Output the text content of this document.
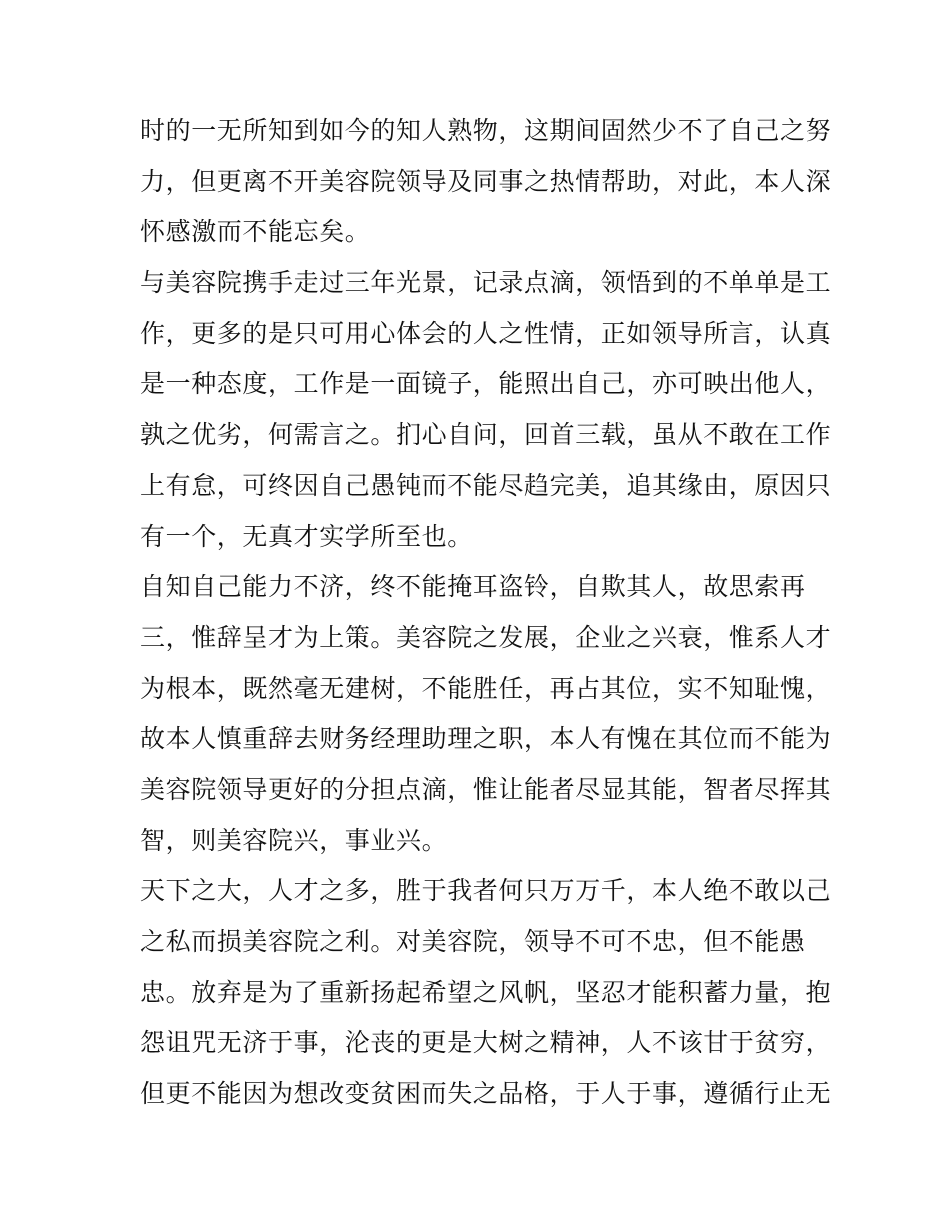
时的一无所知到如今的知人熟物，这期间固然少不了自己之努
力，但更离不开美容院领导及同事之热情帮助，对此，本人深
怀感激而不能忘矣。
与美容院携手走过三年光景，记录点滴，领悟到的不单单是工
作，更多的是只可用心体会的人之性情，正如领导所言，认真
是一种态度，工作是一面镜子，能照出自己，亦可映出他人，
孰之优劣，何需言之。扪心自问，回首三载，虽从不敢在工作
上有怠，可终因自己愚钝而不能尽趋完美，追其缘由，原因只
有一个，无真才实学所至也。
自知自己能力不济，终不能掩耳盗铃，自欺其人，故思索再
三，惟辞呈才为上策。美容院之发展，企业之兴衰，惟系人才
为根本，既然毫无建树，不能胜任，再占其位，实不知耻愧，
故本人慎重辞去财务经理助理之职，本人有愧在其位而不能为
美容院领导更好的分担点滴，惟让能者尽显其能，智者尽挥其
智，则美容院兴，事业兴。
天下之大，人才之多，胜于我者何只万万千，本人绝不敢以己
之私而损美容院之利。对美容院，领导不可不忠，但不能愚
忠。放弃是为了重新扬起希望之风帆，坚忍才能积蓄力量，抱
怨诅咒无济于事，沦丧的更是大树之精神，人不该甘于贫穷，
但更不能因为想改变贫困而失之品格，于人于事，遵循行止无
